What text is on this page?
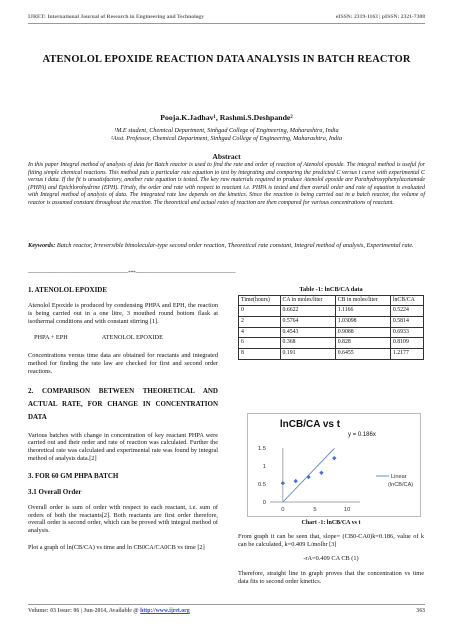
IJRET: International Journal of Research in Engineering and Technology	eISSN: 2319-1163 | pISSN: 2321-7308
ATENOLOL EPOXIDE REACTION DATA ANALYSIS IN BATCH REACTOR
Pooja.K.Jadhav¹, Rashmi.S.Deshpande²
¹M.E student, Chemical Department, Sinhgad College of Engineering, Maharashtra, India
²Asst. Professor, Chemical Department, Sinhgad College of Engineering, Maharashtra, India
Abstract
In this paper Integral method of analysis of data for Batch reactor is used to find the rate and order of reaction of Atenolol epoxide. The integral method is useful for fitting simple chemical reactions. This method puts a particular rate equation to test by integrating and comparing the predicted C versus t curve with experimental C versus t data. If the fit is unsatisfactory, another rate equation is tested. The key raw materials required to produce Atenolol epoxide are Parahydroxyphenylacetamide (PHPA) and Epichlorohydrine (EPH). Firstly, the order and rate with respect to reactant i.e. PHPA is tested and then overall order and rate of equation is evaluated with Integral method of analysis of data. The integrated rate law depends on the kinetics. Since the reaction is being carried out in a batch reactor, the volume of reactor is assumed constant throughout the reaction. The theoretical and actual rates of reaction are then compared for various concentrations of reactant.
Keywords: Batch reactor, Irreversible bimolecular-type second order reaction, Theoretical rate constant, Integral method of analysis, Experimental rate.
-------------------------------------------------------------------***-------------------------------------------------------------------
1. ATENOLOL EPOXIDE

Atenolol Epoxide is produced by condensing PHPA and EPH, the reaction is being carried out in a one litre, 3 mouthed round bottom flask at isothermal conditions and with constant stirring [1].

PHPA + EPH	ATENOLOL EPOXIDE

Concentrations versus time data are obtained for reactants and integrated method for finding the rate law are checked for first and second order reactions.

2. COMPARISON BETWEEN THEORETICAL AND ACTUAL RATE, FOR CHANGE IN CONCENTRATION DATA

Various batches with change in concentration of key reactant PHPA were carried out and their order and rate of reaction was calculated. Further the theoretical rate was calculated and experimental rate was found by integral method of analysis data.[2]

3. FOR 60 GM PHPA BATCH
3.1 Overall Order

Overall order is sum of order with respect to each reactant, i.e. sum of orders of both the reactants[2]. Both reactants are first order therefore, overall order is second order, which can be proved with integral method of analysis.

Plot a graph of ln(CB/CA) vs time and ln CB0CA/CA0CB vs time [2]

Table -1: lnCB/CA data
Time(hours)	CA in moles/liter	CB in moles/liter	lnCB/CA
0	0.6622	1.1166	0.5224
2	0.5764	1.03098	0.5814
4	0.4543	0.9088	0.6933
6	0.368	0.828	0.8109
8	0.191	0.6455	1.2177
lnCB/CA vs t
y = 0.186x
0
0.5
1
1.5
0	5	10
Linear
(lnCB/CA)
Chart -1: lnCB/CA vs t

From graph it can be seen that, slope= (CB0-CA0)k=0.186, value of k can be calculated, k=0.409 L/molhr [3]

-rA=0.409 CA CB (1)

Therefore, straight line in graph proves that the concentration vs time data fits to second order kinetics.

Volume: 03 Issue: 06 | Jun-2014, Available @ http://www.ijret.org	363
